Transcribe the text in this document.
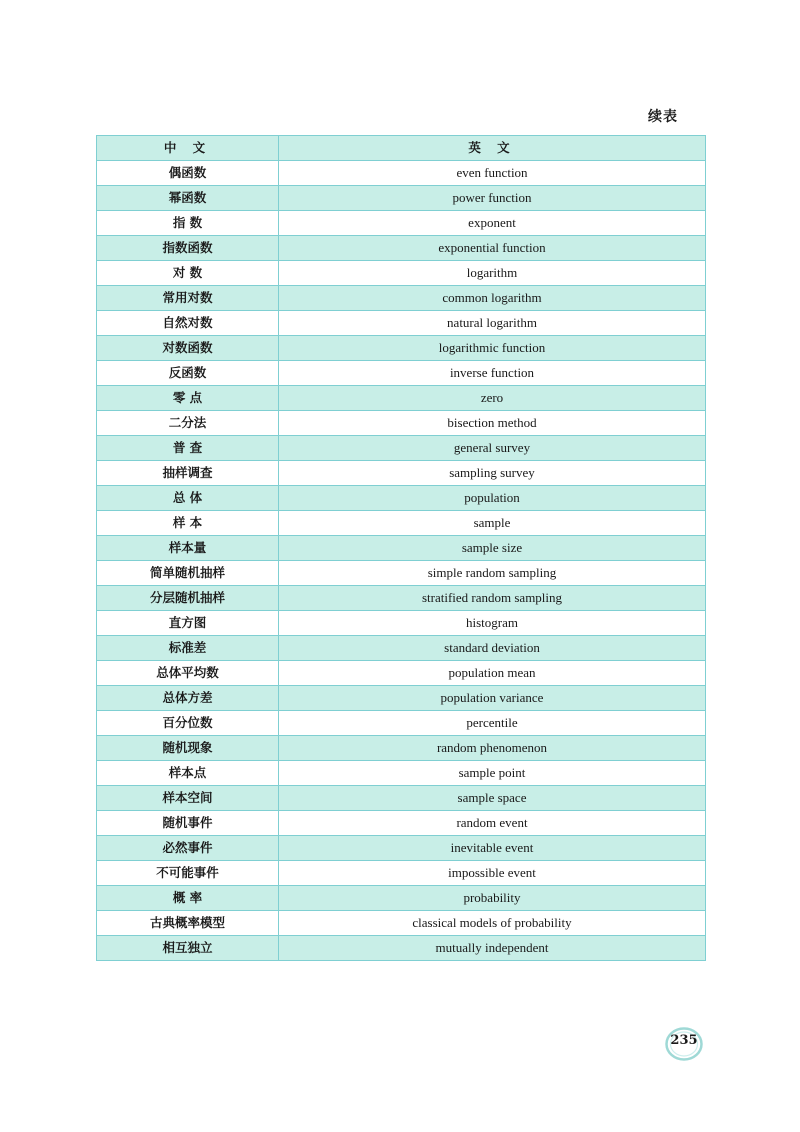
续表
中 文	英 文
偶函数	even function
幂函数	power function
指 数	exponent
指数函数	exponential function
对 数	logarithm
常用对数	common logarithm
自然对数	natural logarithm
对数函数	logarithmic function
反函数	inverse function
零 点	zero
二分法	bisection method
普 查	general survey
抽样调查	sampling survey
总 体	population
样 本	sample
样本量	sample size
简单随机抽样	simple random sampling
分层随机抽样	stratified random sampling
直方图	histogram
标准差	standard deviation
总体平均数	population mean
总体方差	population variance
百分位数	percentile
随机现象	random phenomenon
样本点	sample point
样本空间	sample space
随机事件	random event
必然事件	inevitable event
不可能事件	impossible event
概 率	probability
古典概率模型	classical models of probability
相互独立	mutually independent
235
